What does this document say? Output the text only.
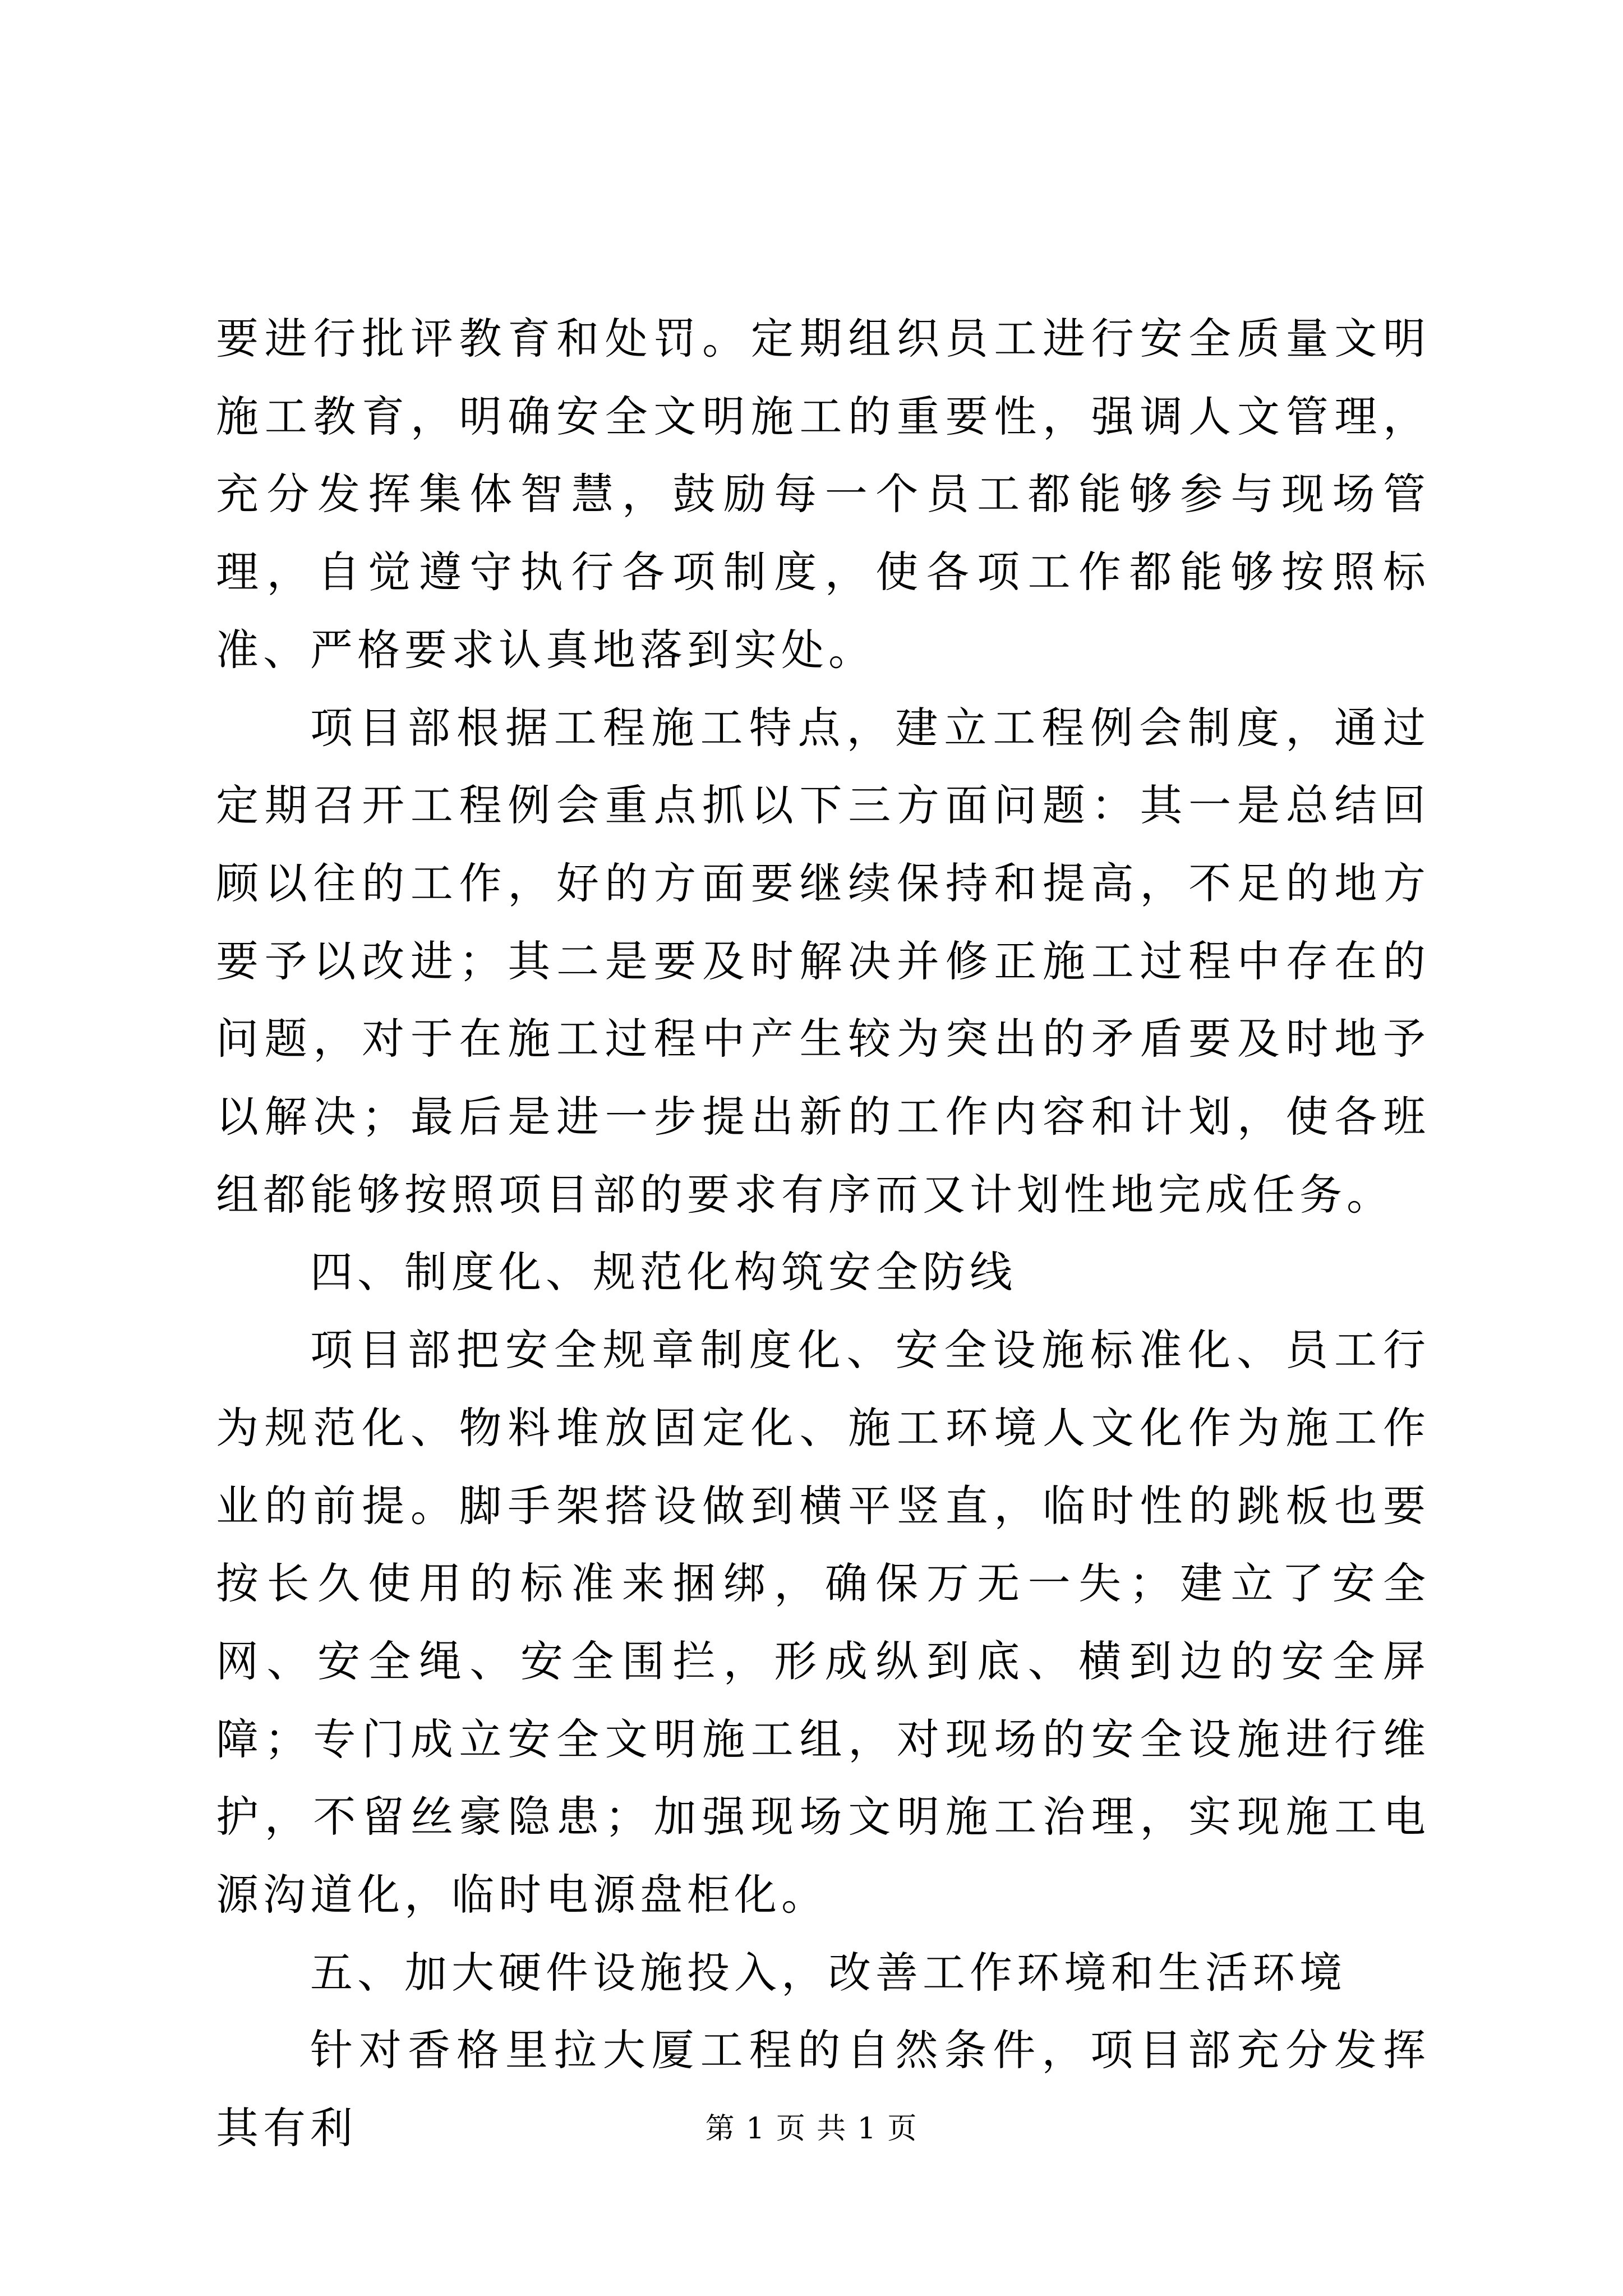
要进行批评教育和处罚。定期组织员工进行安全质量文明施工教育，明确安全文明施工的重要性，强调人文管理，充分发挥集体智慧，鼓励每一个员工都能够参与现场管理，自觉遵守执行各项制度，使各项工作都能够按照标准、严格要求认真地落到实处。

项目部根据工程施工特点，建立工程例会制度，通过定期召开工程例会重点抓以下三方面问题：其一是总结回顾以往的工作，好的方面要继续保持和提高，不足的地方要予以改进；其二是要及时解决并修正施工过程中存在的问题，对于在施工过程中产生较为突出的矛盾要及时地予以解决；最后是进一步提出新的工作内容和计划，使各班组都能够按照项目部的要求有序而又计划性地完成任务。

四、制度化、规范化构筑安全防线

项目部把安全规章制度化、安全设施标准化、员工行为规范化、物料堆放固定化、施工环境人文化作为施工作业的前提。脚手架搭设做到横平竖直，临时性的跳板也要按长久使用的标准来捆绑，确保万无一失；建立了安全网、安全绳、安全围拦，形成纵到底、横到边的安全屏障；专门成立安全文明施工组，对现场的安全设施进行维护，不留丝豪隐患；加强现场文明施工治理，实现施工电源沟道化，临时电源盘柜化。

五、加大硬件设施投入，改善工作环境和生活环境

针对香格里拉大厦工程的自然条件，项目部充分发挥其有利	第 1 页 共 1 页
